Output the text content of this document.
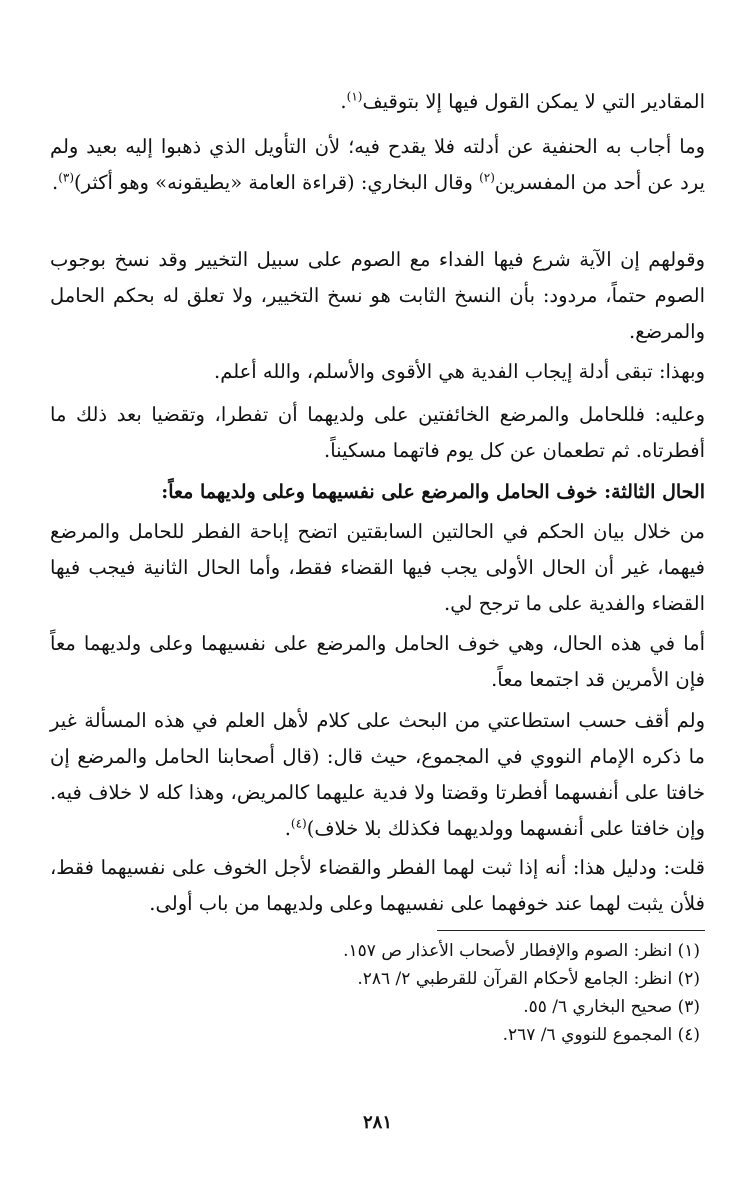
المقادير التي لا يمكن القول فيها إلا بتوقيف$^{(١)}$.
وما أجاب به الحنفية عن أدلته فلا يقدح فيه؛ لأن التأويل الذي ذهبوا إليه بعيد ولم يرد عن أحد من المفسرين$^{(٢)}$ وقال البخاري: (قراءة العامة «يطيقونه» وهو أكثر)$^{(٣)}$.
وقولهم إن الآية شرع فيها الفداء مع الصوم على سبيل التخيير وقد نسخ بوجوب الصوم حتماً، مردود: بأن النسخ الثابت هو نسخ التخيير، ولا تعلق له بحكم الحامل والمرضع.
وبهذا: تبقى أدلة إيجاب الفدية هي الأقوى والأسلم، والله أعلم.
وعليه: فللحامل والمرضع الخائفتين على ولديهما أن تفطرا، وتقضيا بعد ذلك ما أفطرتاه. ثم تطعمان عن كل يوم فاتهما مسكيناً.
الحال الثالثة: خوف الحامل والمرضع على نفسيهما وعلى ولديهما معاً:
من خلال بيان الحكم في الحالتين السابقتين اتضح إباحة الفطر للحامل والمرضع فيهما، غير أن الحال الأولى يجب فيها القضاء فقط، وأما الحال الثانية فيجب فيها القضاء والفدية على ما ترجح لي.
أما في هذه الحال، وهي خوف الحامل والمرضع على نفسيهما وعلى ولديهما معاً فإن الأمرين قد اجتمعا معاً.
ولم أقف حسب استطاعتي من البحث على كلام لأهل العلم في هذه المسألة غير ما ذكره الإمام النووي في المجموع، حيث قال: (قال أصحابنا الحامل والمرضع إن خافتا على أنفسهما أفطرتا وقضتا ولا فدية عليهما كالمريض، وهذا كله لا خلاف فيه. وإن خافتا على أنفسهما وولديهما فكذلك بلا خلاف)$^{(٤)}$.
قلت: ودليل هذا: أنه إذا ثبت لهما الفطر والقضاء لأجل الخوف على نفسيهما فقط، فلأن يثبت لهما عند خوفهما على نفسيهما وعلى ولديهما من باب أولى.
(١) انظر: الصوم والإفطار لأصحاب الأعذار ص ١٥٧.
(٢) انظر: الجامع لأحكام القرآن للقرطبي ٢/ ٢٨٦.
(٣) صحيح البخاري ٦/ ٥٥.
(٤) المجموع للنووي ٦/ ٢٦٧.
٢٨١
